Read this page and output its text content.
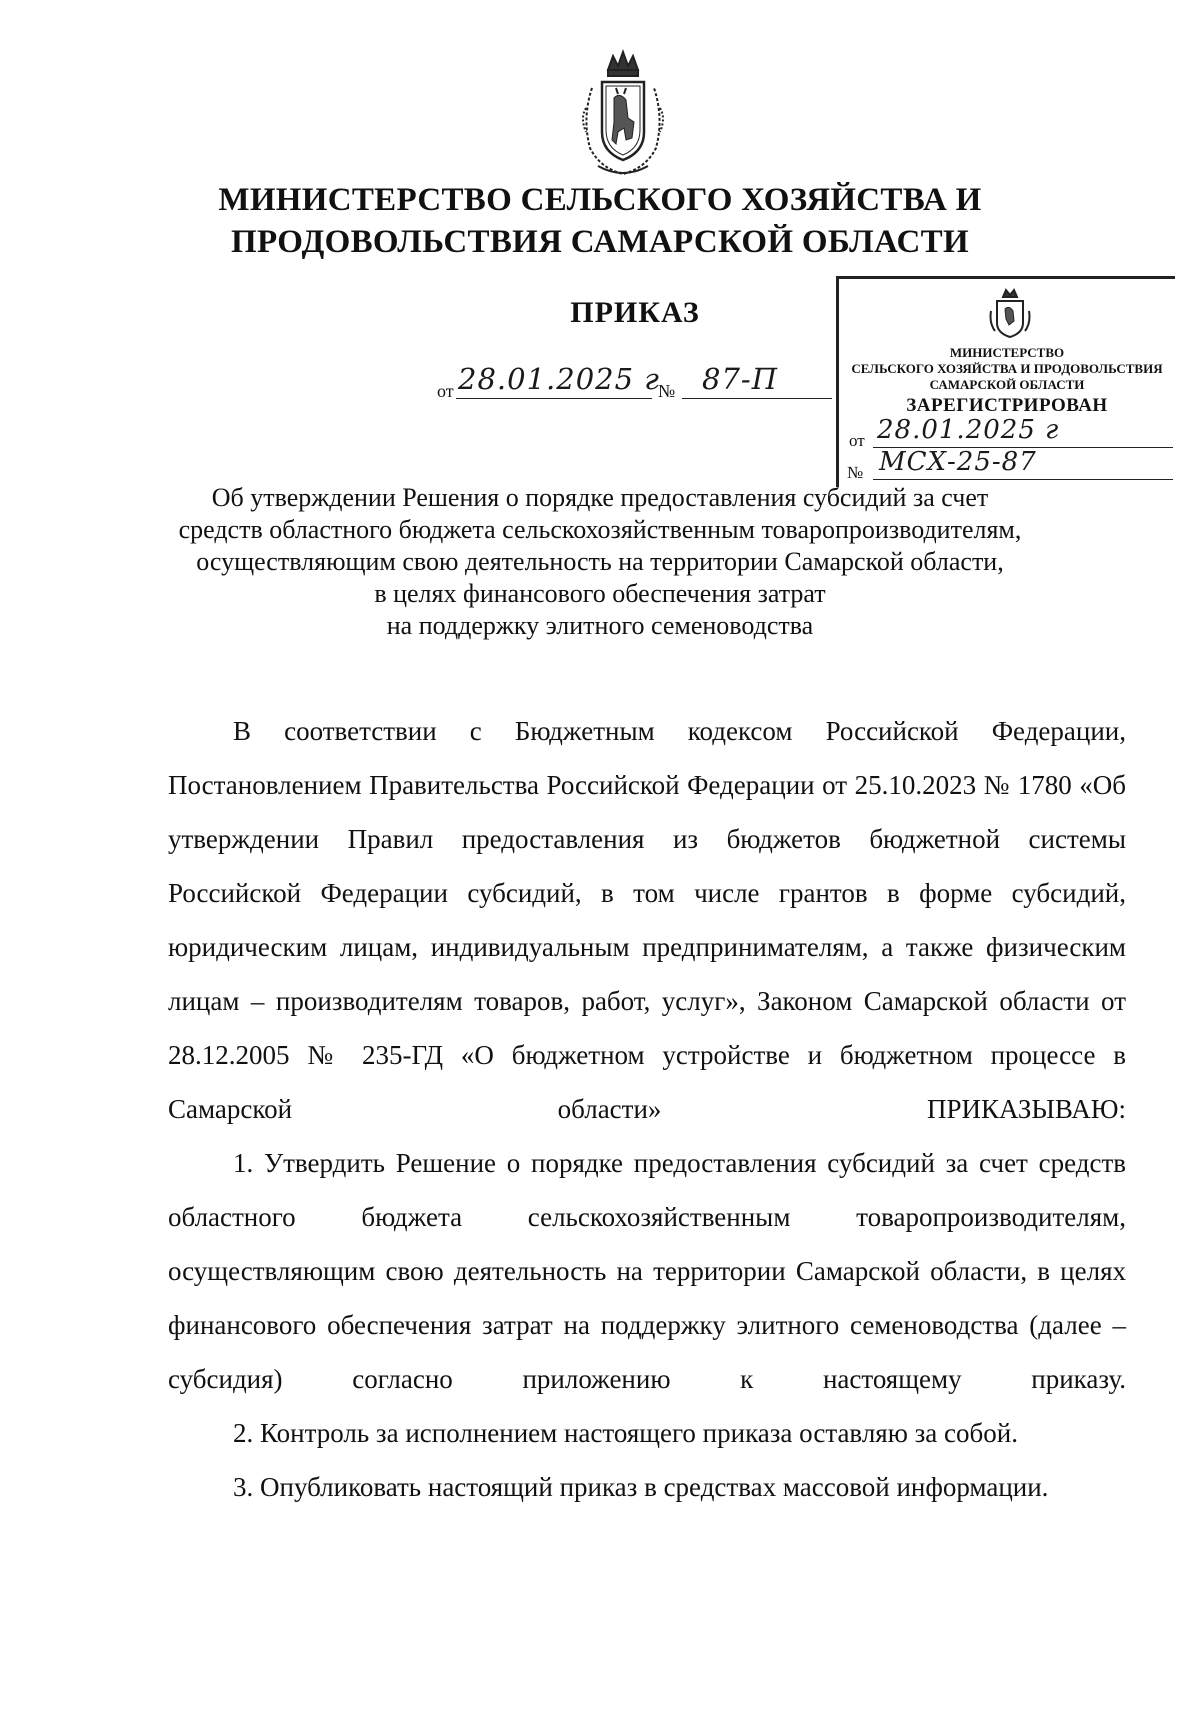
МИНИСТЕРСТВО СЕЛЬСКОГО ХОЗЯЙСТВА И
ПРОДОВОЛЬСТВИЯ САМАРСКОЙ ОБЛАСТИ
ПРИКАЗ
от 28.01.2025 г
№ 87-П
МИНИСТЕРСТВО
СЕЛЬСКОГО ХОЗЯЙСТВА И ПРОДОВОЛЬСТВИЯ
САМАРСКОЙ ОБЛАСТИ
ЗАРЕГИСТРИРОВАН
от 28.01.2025 г
№ МСХ-25-87
Об утверждении Решения о порядке предоставления субсидий за счет
средств областного бюджета сельскохозяйственным товаропроизводителям,
осуществляющим свою деятельность на территории Самарской области,
в целях финансового обеспечения затрат
на поддержку элитного семеноводства

В соответствии с Бюджетным кодексом Российской Федерации, Постановлением Правительства Российской Федерации от 25.10.2023 № 1780 «Об утверждении Правил предоставления из бюджетов бюджетной системы Российской Федерации субсидий, в том числе грантов в форме субсидий, юридическим лицам, индивидуальным предпринимателям, а также физическим лицам – производителям товаров, работ, услуг», Законом Самарской области от 28.12.2005 № 235-ГД «О бюджетном устройстве и бюджетном процессе в Самарской области» ПРИКАЗЫВАЮ:

1. Утвердить Решение о порядке предоставления субсидий за счет средств областного бюджета сельскохозяйственным товаропроизводителям, осуществляющим свою деятельность на территории Самарской области, в целях финансового обеспечения затрат на поддержку элитного семеноводства (далее – субсидия) согласно приложению к настоящему приказу.

2. Контроль за исполнением настоящего приказа оставляю за собой.

3. Опубликовать настоящий приказ в средствах массовой информации.
